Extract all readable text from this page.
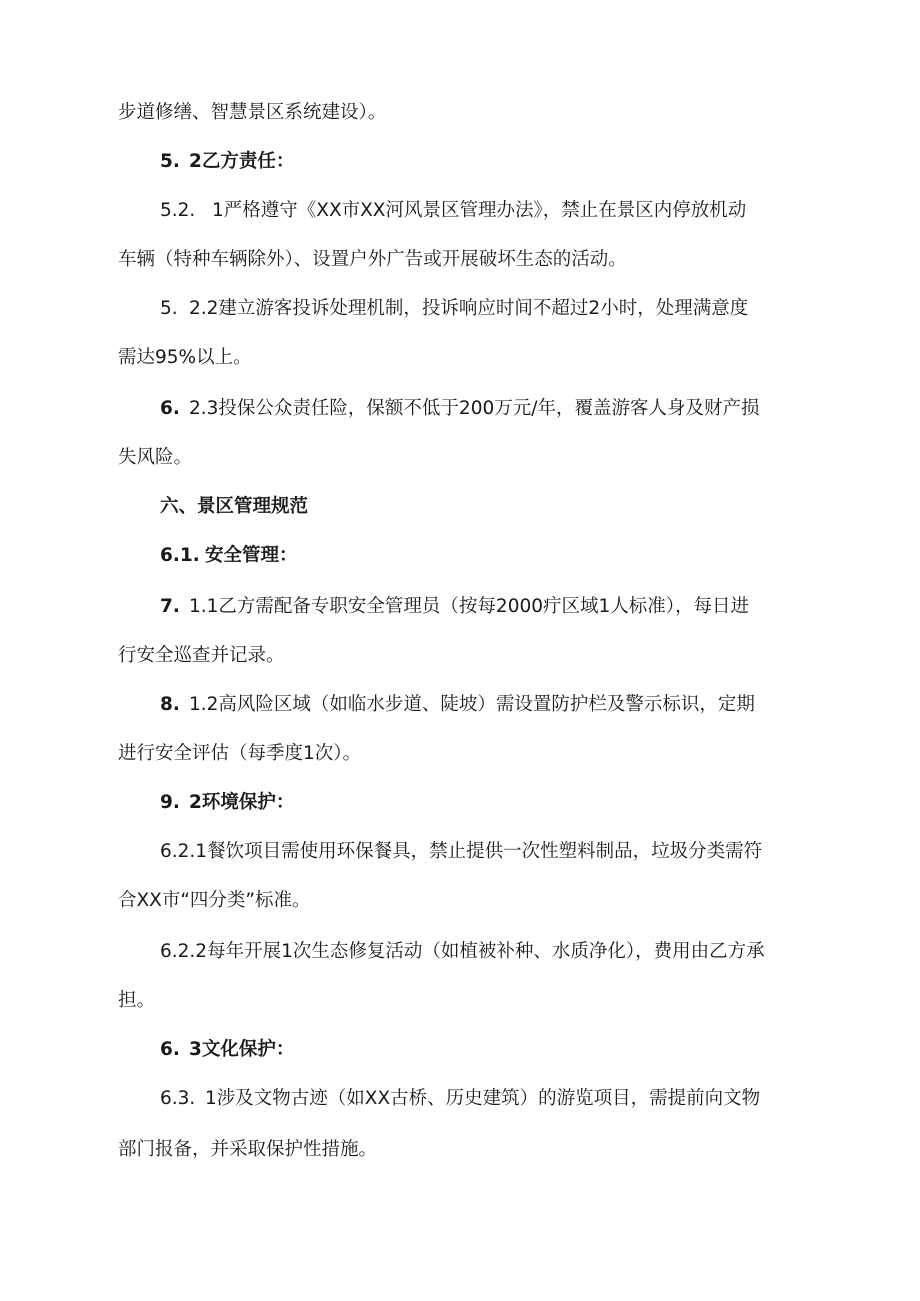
步道修缮、智慧景区系统建设）。
5. 2乙方责任：
5.2. 1严格遵守《XX市XX河风景区管理办法》，禁止在景区内停放机动
车辆（特种车辆除外）、设置户外广告或开展破坏生态的活动。
5. 2.2建立游客投诉处理机制，投诉响应时间不超过2小时，处理满意度
需达95%以上。
6. 2.3投保公众责任险，保额不低于200万元/年，覆盖游客人身及财产损
失风险。
六、景区管理规范
6.1. 安全管理：
7. 1.1乙方需配备专职安全管理员（按每2000疔区域1人标准），每日进
行安全巡查并记录。
8. 1.2高风险区域（如临水步道、陡坡）需设置防护栏及警示标识，定期
进行安全评估（每季度1次）。
9. 2环境保护：
6.2.1餐饮项目需使用环保餐具，禁止提供一次性塑料制品，垃圾分类需符
合XX市“四分类”标准。
6.2.2每年开展1次生态修复活动（如植被补种、水质净化），费用由乙方承
担。
6. 3文化保护：
6.3. 1涉及文物古迹（如XX古桥、历史建筑）的游览项目，需提前向文物
部门报备，并采取保护性措施。
